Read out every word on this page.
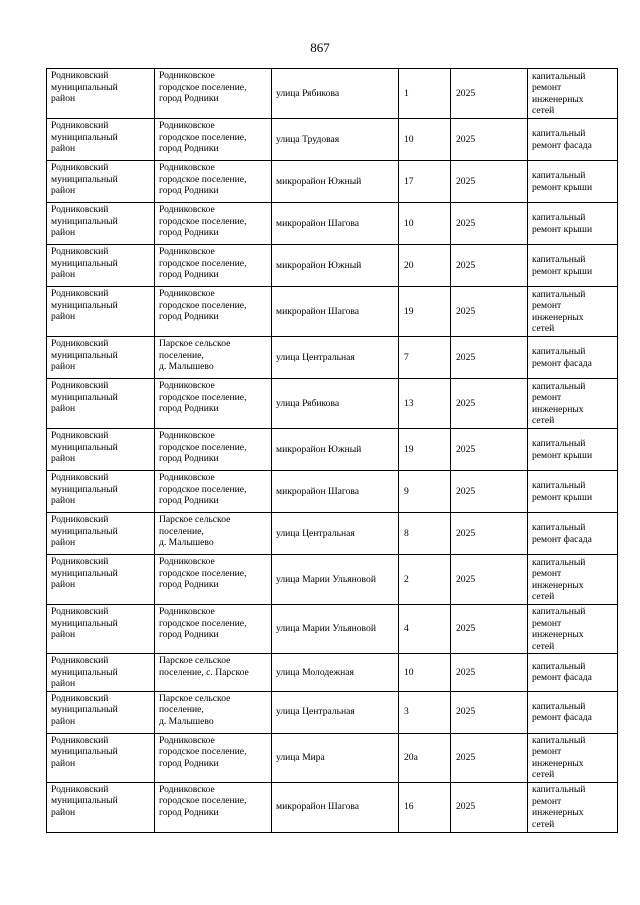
867
Родниковский
муниципальный
район	Родниковское
городское поселение,
город Родники	улица Рябикова	1	2025	капитальный
ремонт
инженерных
сетей
Родниковский
муниципальный
район	Родниковское
городское поселение,
город Родники	улица Трудовая	10	2025	капитальный
ремонт фасада
Родниковский
муниципальный
район	Родниковское
городское поселение,
город Родники	микрорайон Южный	17	2025	капитальный
ремонт крыши
Родниковский
муниципальный
район	Родниковское
городское поселение,
город Родники	микрорайон Шагова	10	2025	капитальный
ремонт крыши
Родниковский
муниципальный
район	Родниковское
городское поселение,
город Родники	микрорайон Южный	20	2025	капитальный
ремонт крыши
Родниковский
муниципальный
район	Родниковское
городское поселение,
город Родники	микрорайон Шагова	19	2025	капитальный
ремонт
инженерных
сетей
Родниковский
муниципальный
район	Парское сельское
поселение,
д. Малышево	улица Центральная	7	2025	капитальный
ремонт фасада
Родниковский
муниципальный
район	Родниковское
городское поселение,
город Родники	улица Рябикова	13	2025	капитальный
ремонт
инженерных
сетей
Родниковский
муниципальный
район	Родниковское
городское поселение,
город Родники	микрорайон Южный	19	2025	капитальный
ремонт крыши
Родниковский
муниципальный
район	Родниковское
городское поселение,
город Родники	микрорайон Шагова	9	2025	капитальный
ремонт крыши
Родниковский
муниципальный
район	Парское сельское
поселение,
д. Малышево	улица Центральная	8	2025	капитальный
ремонт фасада
Родниковский
муниципальный
район	Родниковское
городское поселение,
город Родники	улица Марии Ульяновой	2	2025	капитальный
ремонт
инженерных
сетей
Родниковский
муниципальный
район	Родниковское
городское поселение,
город Родники	улица Марии Ульяновой	4	2025	капитальный
ремонт
инженерных
сетей
Родниковский
муниципальный
район	Парское сельское
поселение, с. Парское	улица Молодежная	10	2025	капитальный
ремонт фасада
Родниковский
муниципальный
район	Парское сельское
поселение,
д. Малышево	улица Центральная	3	2025	капитальный
ремонт фасада
Родниковский
муниципальный
район	Родниковское
городское поселение,
город Родники	улица Мира	20а	2025	капитальный
ремонт
инженерных
сетей
Родниковский
муниципальный
район	Родниковское
городское поселение,
город Родники	микрорайон Шагова	16	2025	капитальный
ремонт
инженерных
сетей
